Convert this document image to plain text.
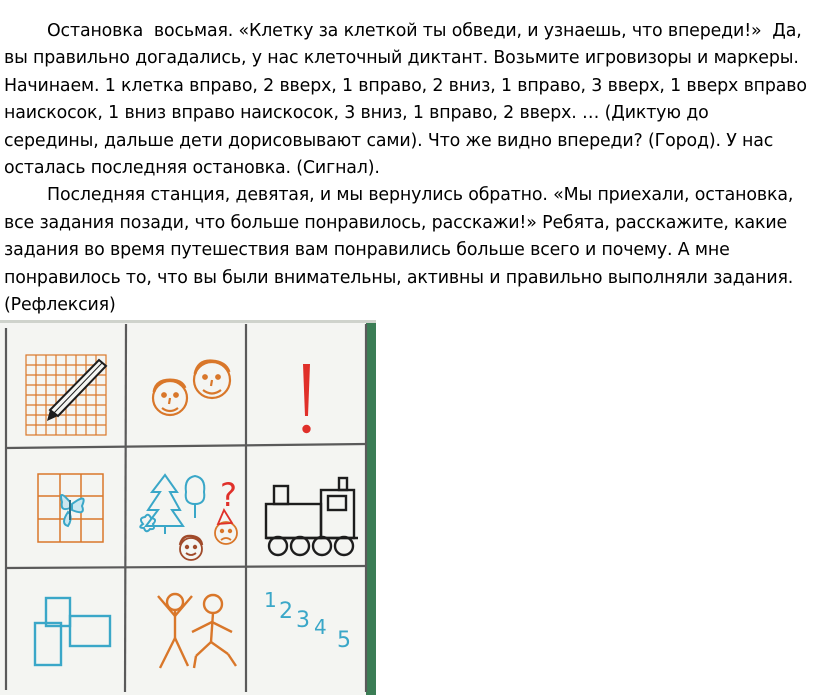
Остановка  восьмая. «Клетку за клеткой ты обведи, и узнаешь, что впереди!»  Да,
вы правильно догадались, у нас клеточный диктант. Возьмите игровизоры и маркеры.
Начинаем. 1 клетка вправо, 2 вверх, 1 вправо, 2 вниз, 1 вправо, 3 вверх, 1 вверх вправо
наискосок, 1 вниз вправо наискосок, 3 вниз, 1 вправо, 2 вверх. … (Диктую до
середины, дальше дети дорисовывают сами). Что же видно впереди? (Город). У нас
осталась последняя остановка. (Сигнал).
Последняя станция, девятая, и мы вернулись обратно. «Мы приехали, остановка,
все задания позади, что больше понравилось, расскажи!» Ребята, расскажите, какие
задания во время путешествия вам понравились больше всего и почему. А мне
понравилось то, что вы были внимательны, активны и правильно выполняли задания.
(Рефлексия)
?
1 2 3 4
5
